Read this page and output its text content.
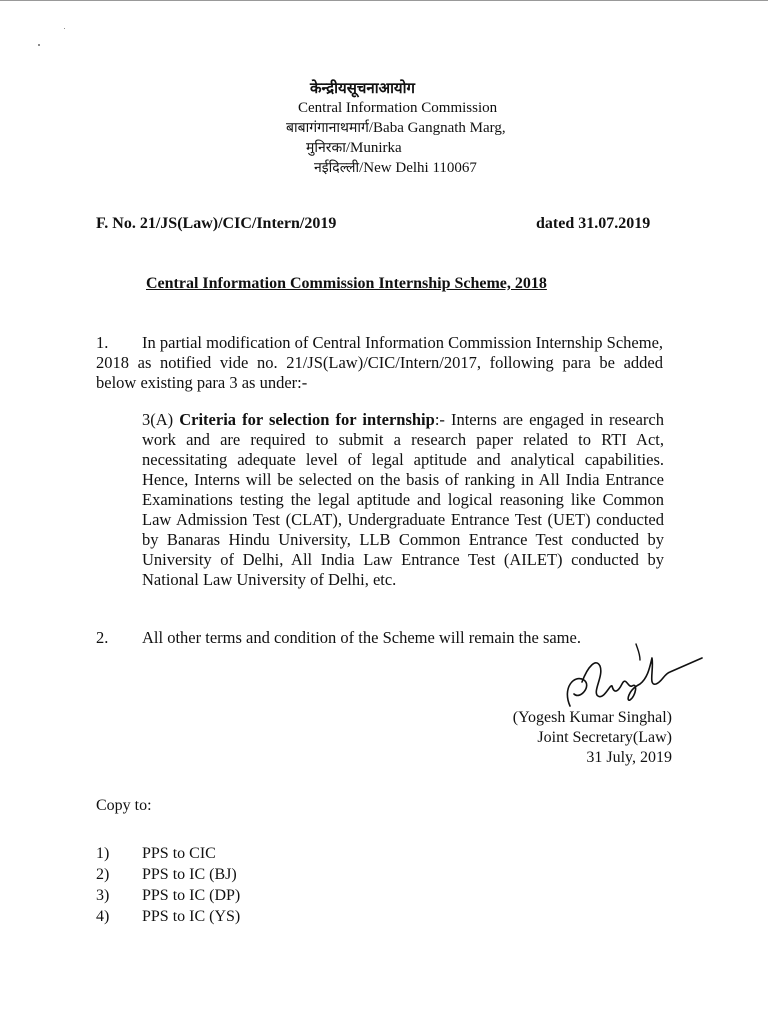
केन्द्रीयसूचनाआयोग
Central Information Commission
बाबागंगानाथमार्ग/Baba Gangnath Marg,
मुनिरका/Munirka
नईदिल्ली/New Delhi 110067
F. No. 21/JS(Law)/CIC/Intern/2019	dated 31.07.2019
Central Information Commission Internship Scheme, 2018
1. In partial modification of Central Information Commission Internship Scheme, 2018 as notified vide no. 21/JS(Law)/CIC/Intern/2017, following para be added below existing para 3 as under:-
3(A) Criteria for selection for internship:- Interns are engaged in research work and are required to submit a research paper related to RTI Act, necessitating adequate level of legal aptitude and analytical capabilities. Hence, Interns will be selected on the basis of ranking in All India Entrance Examinations testing the legal aptitude and logical reasoning like Common Law Admission Test (CLAT), Undergraduate Entrance Test (UET) conducted by Banaras Hindu University, LLB Common Entrance Test conducted by University of Delhi, All India Law Entrance Test (AILET) conducted by National Law University of Delhi, etc.
2. All other terms and condition of the Scheme will remain the same.
(Yogesh Kumar Singhal)
Joint Secretary(Law)
31 July, 2019
Copy to:
1) PPS to CIC
2) PPS to IC (BJ)
3) PPS to IC (DP)
4) PPS to IC (YS)
